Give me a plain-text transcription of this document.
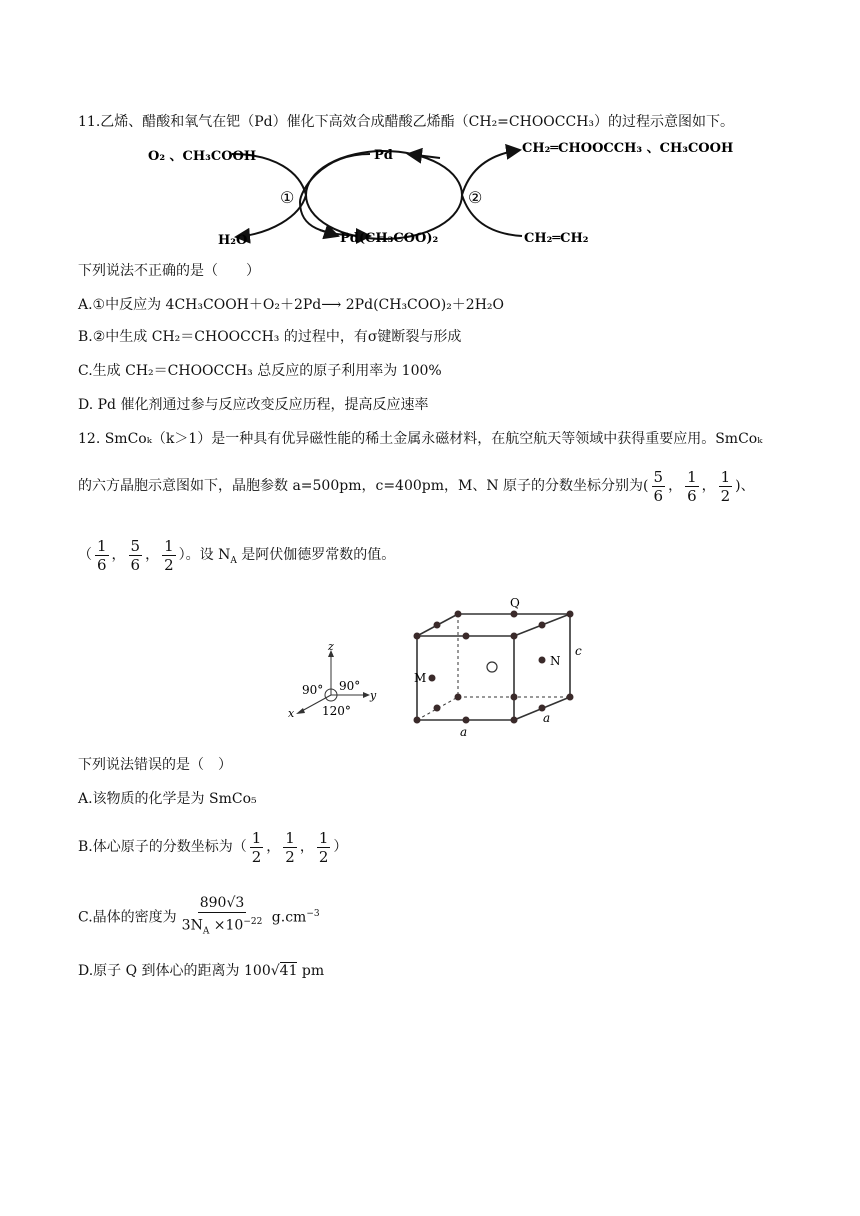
11.乙烯、醋酸和氧气在钯（Pd）催化下高效合成醋酸乙烯酯（CH₂=CHOOCCH₃）的过程示意图如下。
O₂ 、CH₃COOH
H₂O
Pd
Pd(CH₃COO)₂
CH₂═CHOOCCH₃ 、CH₃COOH
CH₂═CH₂
①	②
下列说法不正确的是（　　）
A.①中反应为 4CH₃COOH＋O₂＋2Pd⟶ 2Pd(CH₃COO)₂＋2H₂O
B.②中生成 CH₂＝CHOOCCH₃ 的过程中，有σ键断裂与形成
C.生成 CH₂＝CHOOCCH₃ 总反应的原子利用率为 100%
D. Pd 催化剂通过参与反应改变反应历程，提高反应速率
12. SmCoₖ（k＞1）是一种具有优异磁性能的稀土金属永磁材料，在航空航天等领域中获得重要应用。SmCoₖ
的六方晶胞示意图如下，晶胞参数 a=500pm，c=400pm，M、N 原子的分数坐标分别为( $\frac{5}{6}$ ， $\frac{1}{6}$ ， $\frac{1}{2}$ )、
（ $\frac{1}{6}$ ， $\frac{5}{6}$ ， $\frac{1}{2}$ ）。设 $N_A$ 是阿伏伽德罗常数的值。
z
y
x
90° 90°
120°
Q
M
N
c
a
a
下列说法错误的是（　）
A.该物质的化学是为 SmCo₅
B.体心原子的分数坐标为（ $\frac{1}{2}$ ， $\frac{1}{2}$ ， $\frac{1}{2}$ ）
C.晶体的密度为 $\frac{890√3}{3N_A \times 10^{-22}} g.cm^{-3}$
D.原子 Q 到体心的距离为 100√41 pm
